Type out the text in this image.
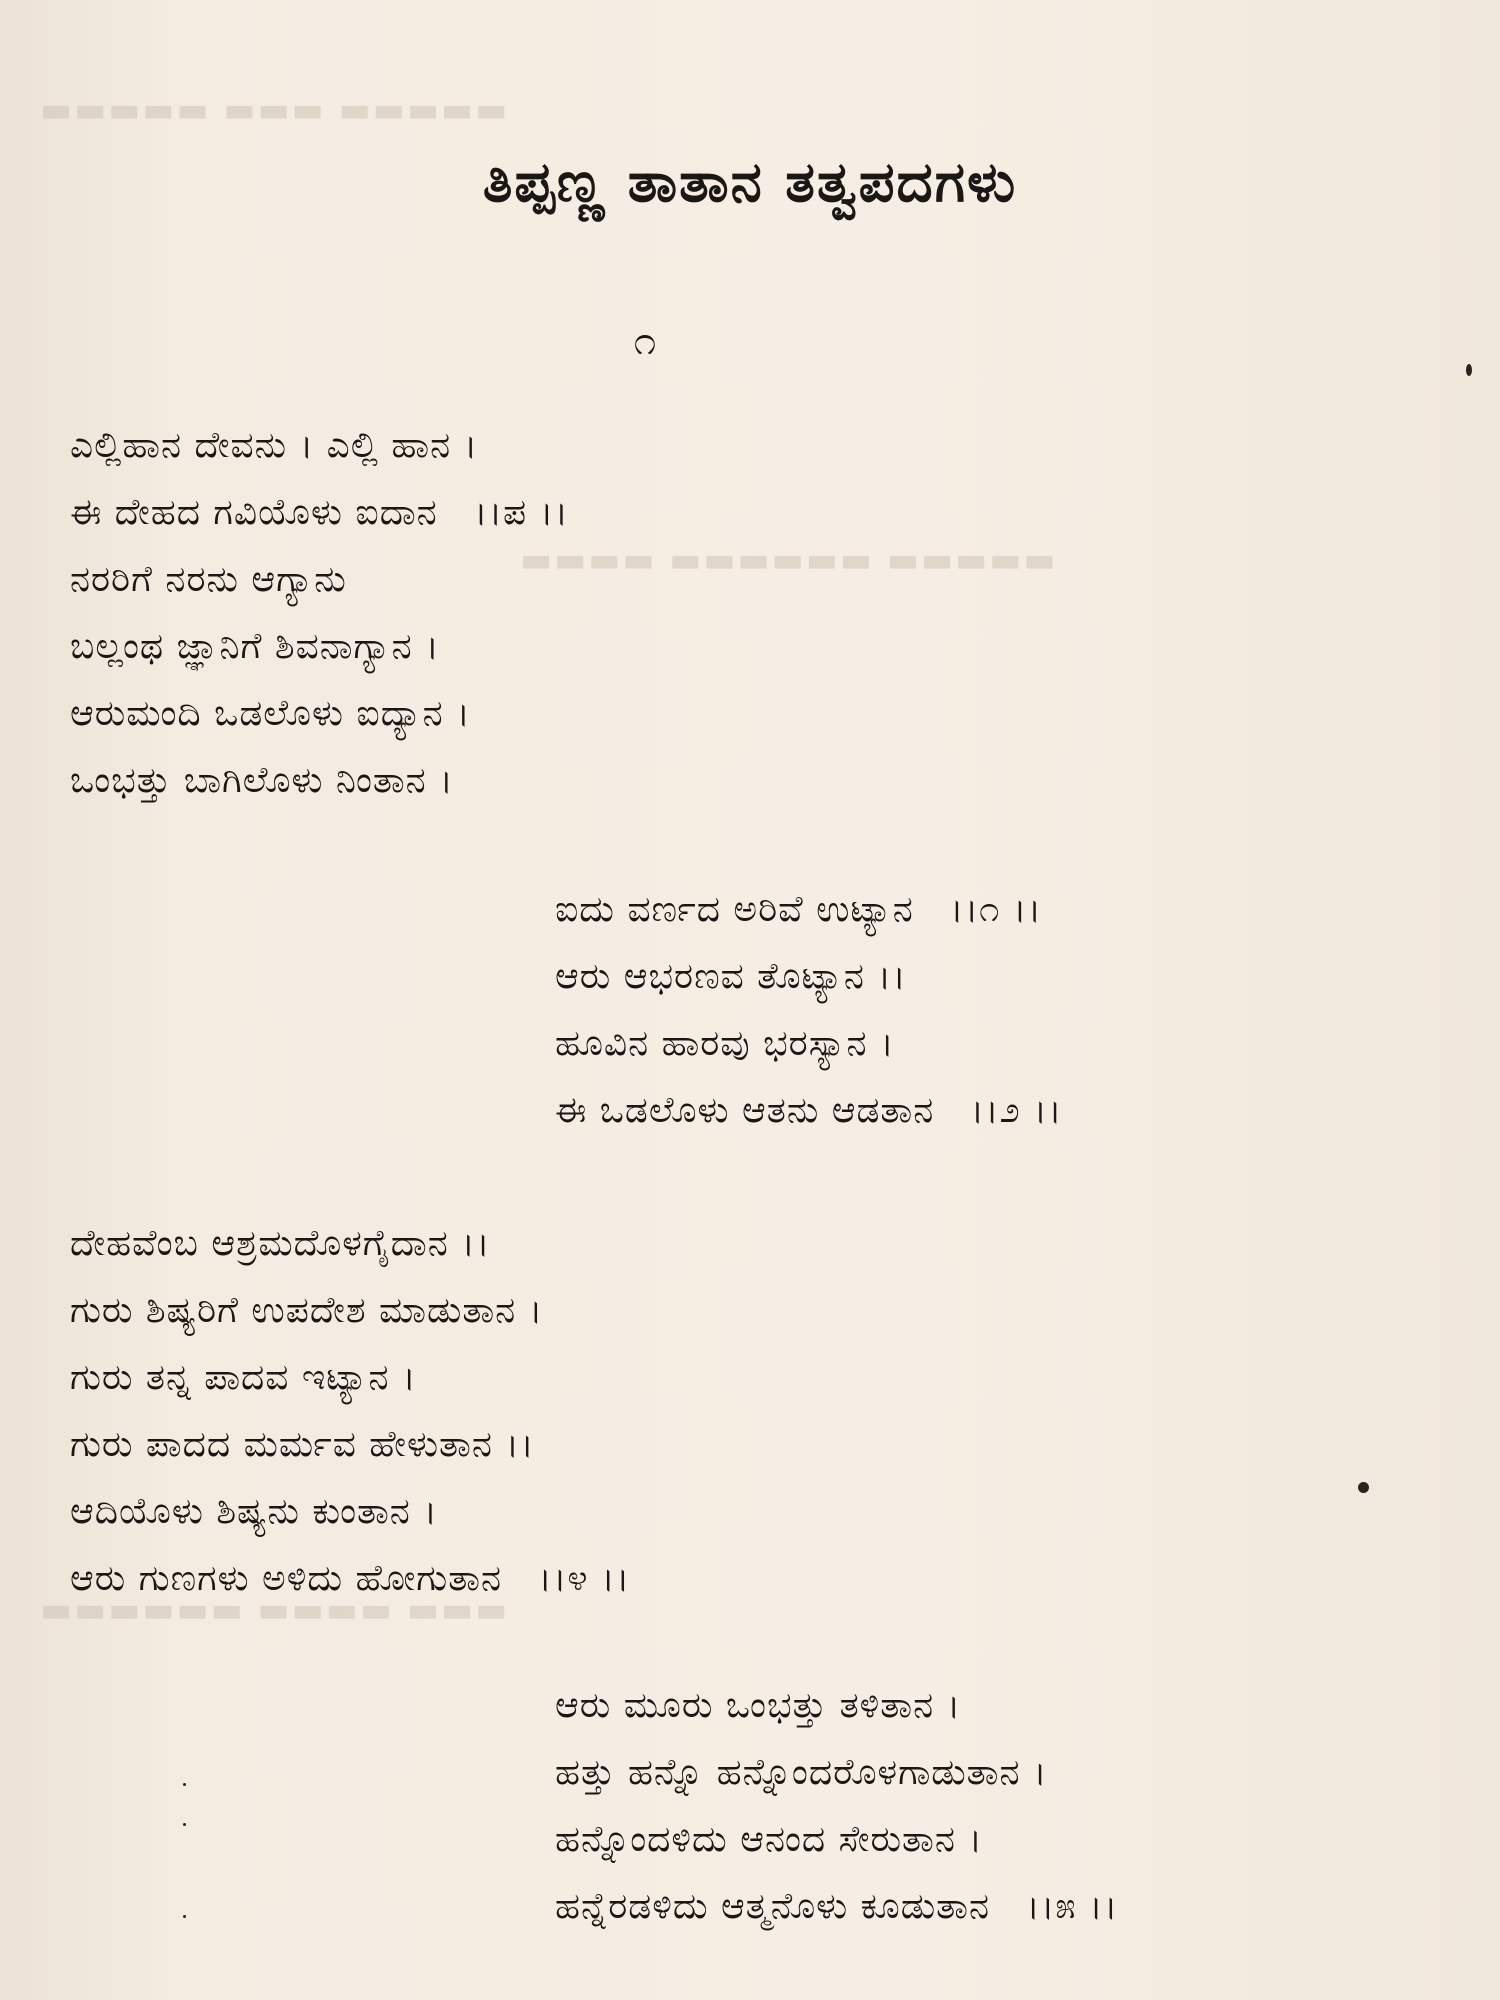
▬▬▬▬▬ ▬▬▬ ▬▬▬▬▬
▬▬▬▬ ▬▬▬▬▬▬ ▬▬▬▬▬
▬▬▬▬▬▬ ▬▬▬▬ ▬▬▬
ತಿಪ್ಪಣ್ಣ ತಾತಾನ ತತ್ವಪದಗಳು
೧
ಎಲ್ಲಿಹಾನ ದೇವನು । ಎಲ್ಲಿ ಹಾನ ।
ಈ ದೇಹದ ಗವಿಯೊಳು ಐದಾನ ।।ಪ ।।
ನರರಿಗೆ ನರನು ಆಗ್ಯಾನು
ಬಲ್ಲಂಥ ಜ್ಞಾನಿಗೆ ಶಿವನಾಗ್ಯಾನ ।
ಆರುಮಂದಿ ಒಡಲೊಳು ಐದ್ಯಾನ ।
ಒಂಭತ್ತು ಬಾಗಿಲೊಳು ನಿಂತಾನ ।
ಐದು ವರ್ಣದ ಅರಿವೆ ಉಟ್ಯಾನ ।।೧ ।।
ಆರು ಆಭರಣವ ತೊಟ್ಯಾನ ।।
ಹೂವಿನ ಹಾರವು ಭರಸ್ಯಾನ ।
ಈ ಒಡಲೊಳು ಆತನು ಆಡತಾನ ।।೨ ।।
ದೇಹವೆಂಬ ಆಶ್ರಮದೊಳಗೈದಾನ ।।
ಗುರು ಶಿಷ್ಯರಿಗೆ ಉಪದೇಶ ಮಾಡುತಾನ ।
ಗುರು ತನ್ನ ಪಾದವ ಇಟ್ಯಾನ ।
ಗುರು ಪಾದದ ಮರ್ಮವ ಹೇಳುತಾನ ।।
ಆದಿಯೊಳು ಶಿಷ್ಯನು ಕುಂತಾನ ।
ಆರು ಗುಣಗಳು ಅಳಿದು ಹೋಗುತಾನ ।।೪ ।।
ಆರು ಮೂರು ಒಂಭತ್ತು ತಳಿತಾನ ।
ಹತ್ತು ಹನ್ನೊ ಹನ್ನೊಂದರೊಳಗಾಡುತಾನ ।
ಹನ್ನೊಂದಳಿದು ಆನಂದ ಸೇರುತಾನ ।
ಹನ್ನೆರಡಳಿದು ಆತ್ಮನೊಳು ಕೂಡುತಾನ ।।೫ ।।
